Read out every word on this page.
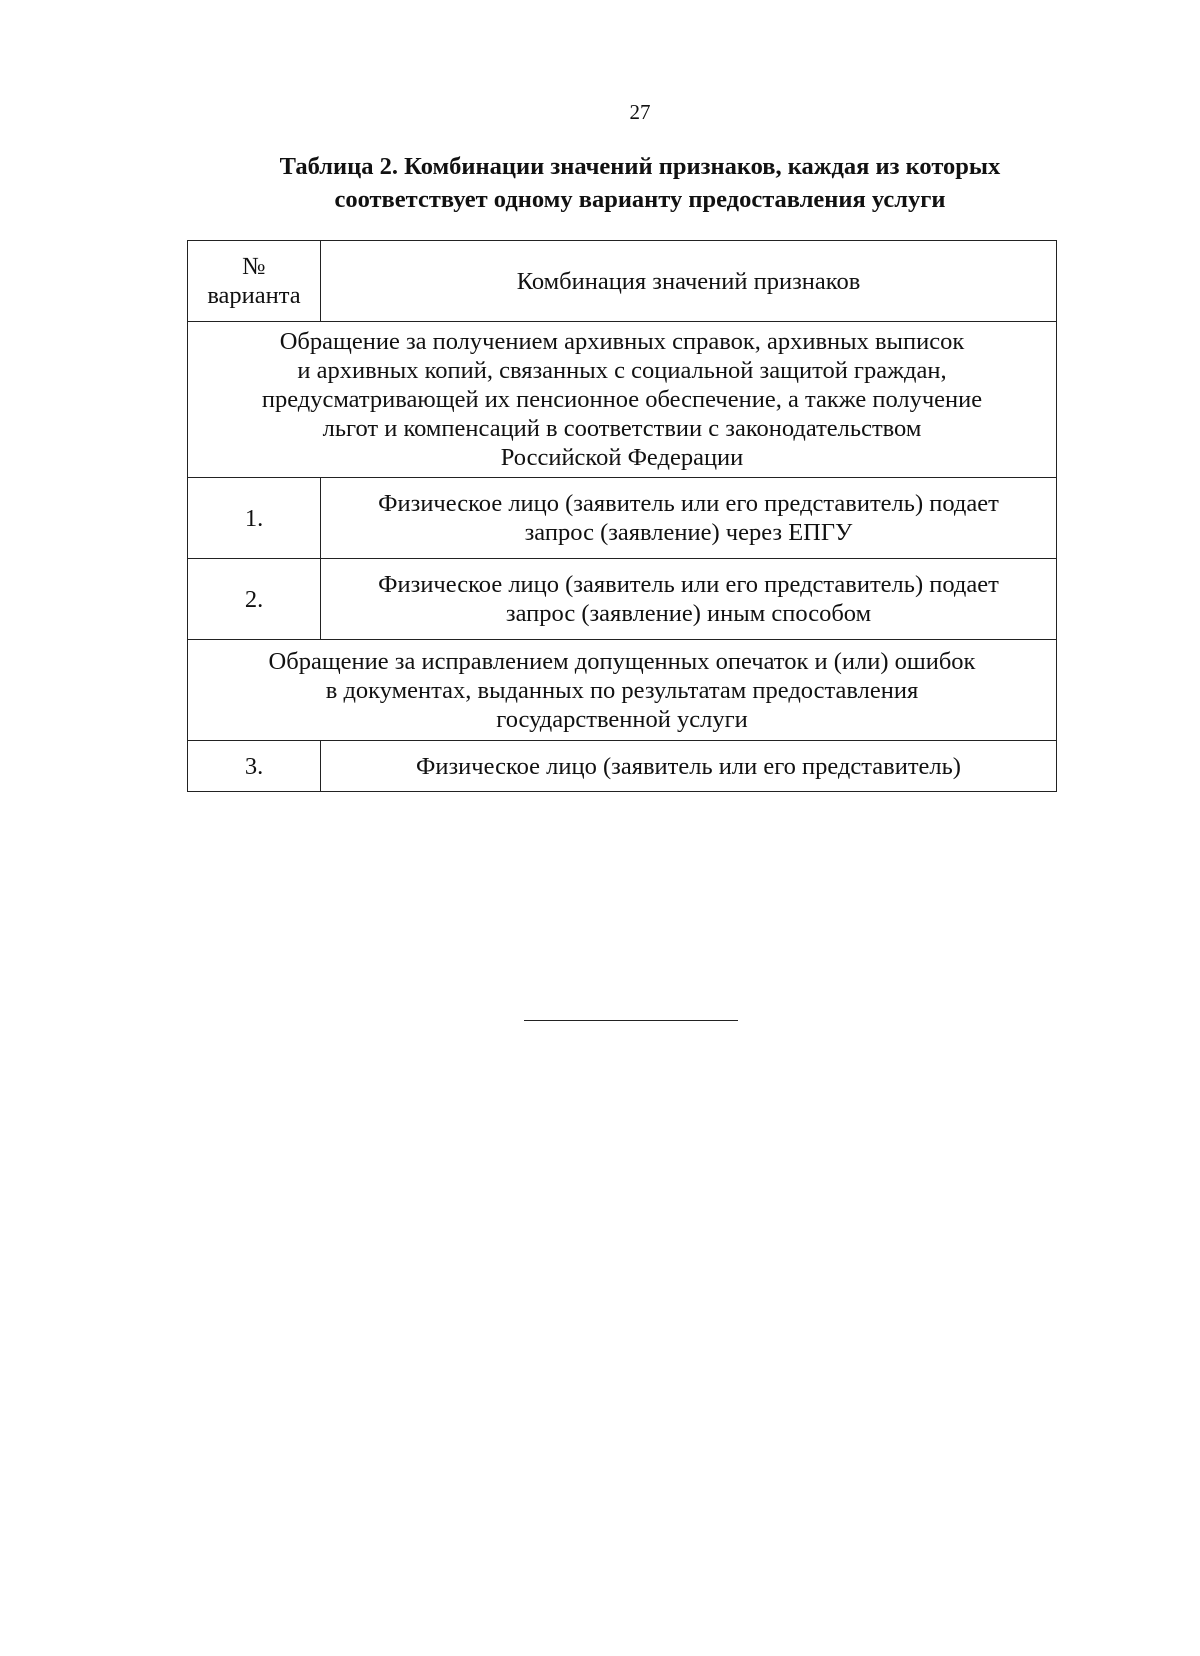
27
Таблица 2. Комбинации значений признаков, каждая из которых
соответствует одному варианту предоставления услуги
№
варианта	Комбинация значений признаков

Обращение за получением архивных справок, архивных выписок
и архивных копий, связанных с социальной защитой граждан,
предусматривающей их пенсионное обеспечение, а также получение
льгот и компенсаций в соответствии с законодательством
Российской Федерации	

1.	Физическое лицо (заявитель или его представитель) подает
запрос (заявление) через ЕПГУ

2.	Физическое лицо (заявитель или его представитель) подает
запрос (заявление) иным способом

Обращение за исправлением допущенных опечаток и (или) ошибок
в документах, выданных по результатам предоставления
государственной услуги	

3.	Физическое лицо (заявитель или его представитель)
